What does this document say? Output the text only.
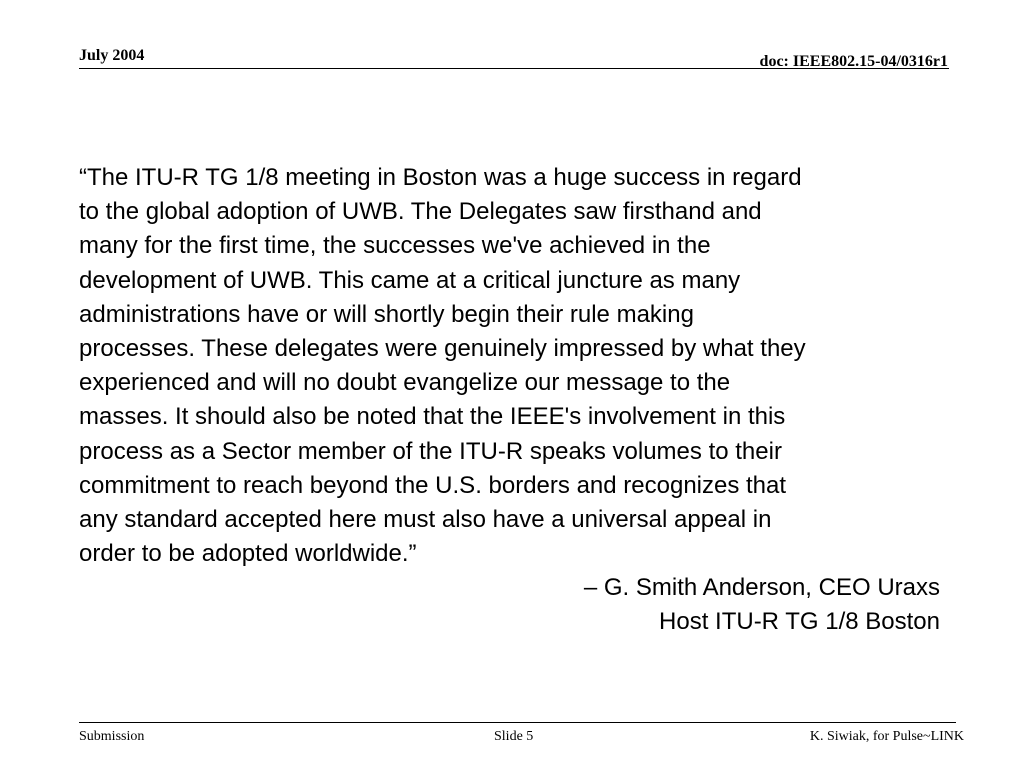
July 2004	doc: IEEE802.15-04/0316r1
“The ITU-R TG 1/8 meeting in Boston was a huge success in regard
to the global adoption of UWB. The Delegates saw firsthand and
many for the first time, the successes we've achieved in the
development of UWB. This came at a critical juncture as many
administrations have or will shortly begin their rule making
processes. These delegates were genuinely impressed by what they
experienced and will no doubt evangelize our message to the
masses. It should also be noted that the IEEE's involvement in this
process as a Sector member of the ITU-R speaks volumes to their
commitment to reach beyond the U.S. borders and recognizes that
any standard accepted here must also have a universal appeal in
order to be adopted worldwide.”
– G. Smith Anderson, CEO Uraxs
Host ITU-R TG 1/8 Boston
Submission	Slide 5	K. Siwiak, for Pulse~LINK
